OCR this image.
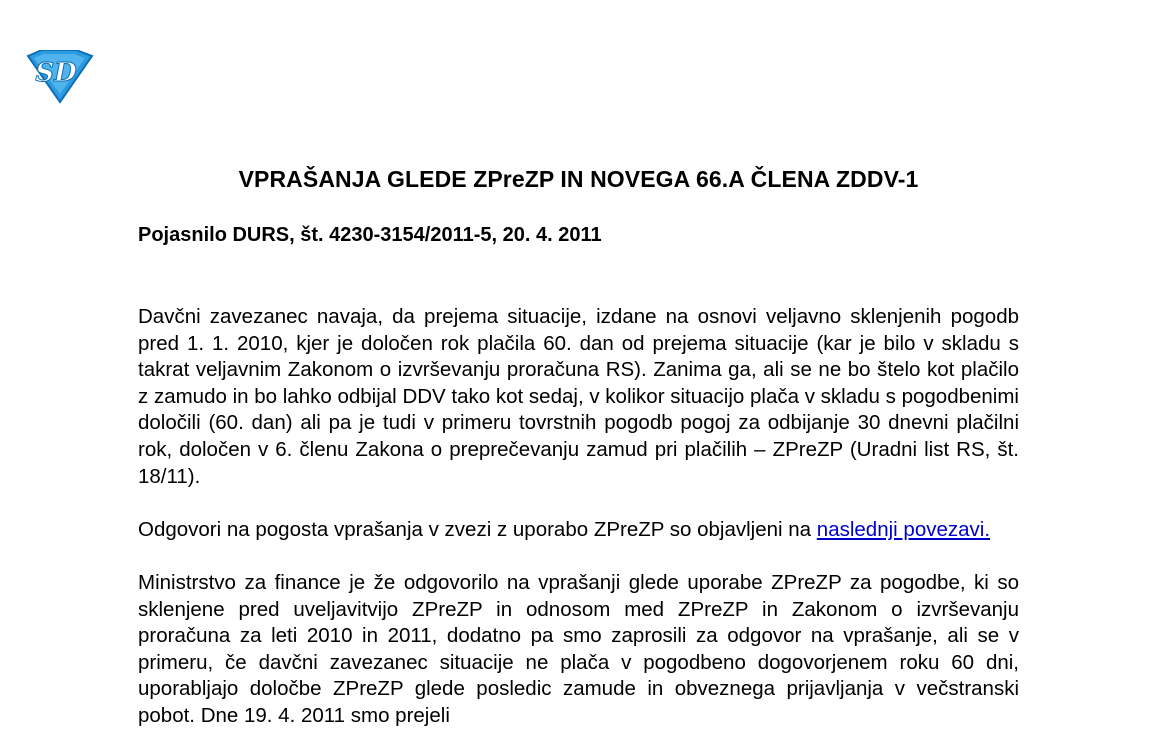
SD
VPRAŠANJA GLEDE ZPreZP IN NOVEGA 66.A ČLENA ZDDV-1
Pojasnilo DURS, št. 4230-3154/2011-5, 20. 4. 2011

Davčni zavezanec navaja, da prejema situacije, izdane na osnovi veljavno sklenjenih pogodb pred 1. 1. 2010, kjer je določen rok plačila 60. dan od prejema situacije (kar je bilo v skladu s takrat veljavnim Zakonom o izvrševanju proračuna RS). Zanima ga, ali se ne bo štelo kot plačilo z zamudo in bo lahko odbijal DDV tako kot sedaj, v kolikor situacijo plača v skladu s pogodbenimi določili (60. dan) ali pa je tudi v primeru tovrstnih pogodb pogoj za odbijanje 30 dnevni plačilni rok, določen v 6. členu Zakona o preprečevanju zamud pri plačilih – ZPreZP (Uradni list RS, št. 18/11).

Odgovori na pogosta vprašanja v zvezi z uporabo ZPreZP so objavljeni na naslednji povezavi.

Ministrstvo za finance je že odgovorilo na vprašanji glede uporabe ZPreZP za pogodbe, ki so sklenjene pred uveljavitvijo ZPreZP in odnosom med ZPreZP in Zakonom o izvrševanju proračuna za leti 2010 in 2011, dodatno pa smo zaprosili za odgovor na vprašanje, ali se v primeru, če davčni zavezanec situacije ne plača v pogodbeno dogovorjenem roku 60 dni, uporabljajo določbe ZPreZP glede posledic zamude in obveznega prijavljanja v večstranski pobot. Dne 19. 4. 2011 smo prejeli
